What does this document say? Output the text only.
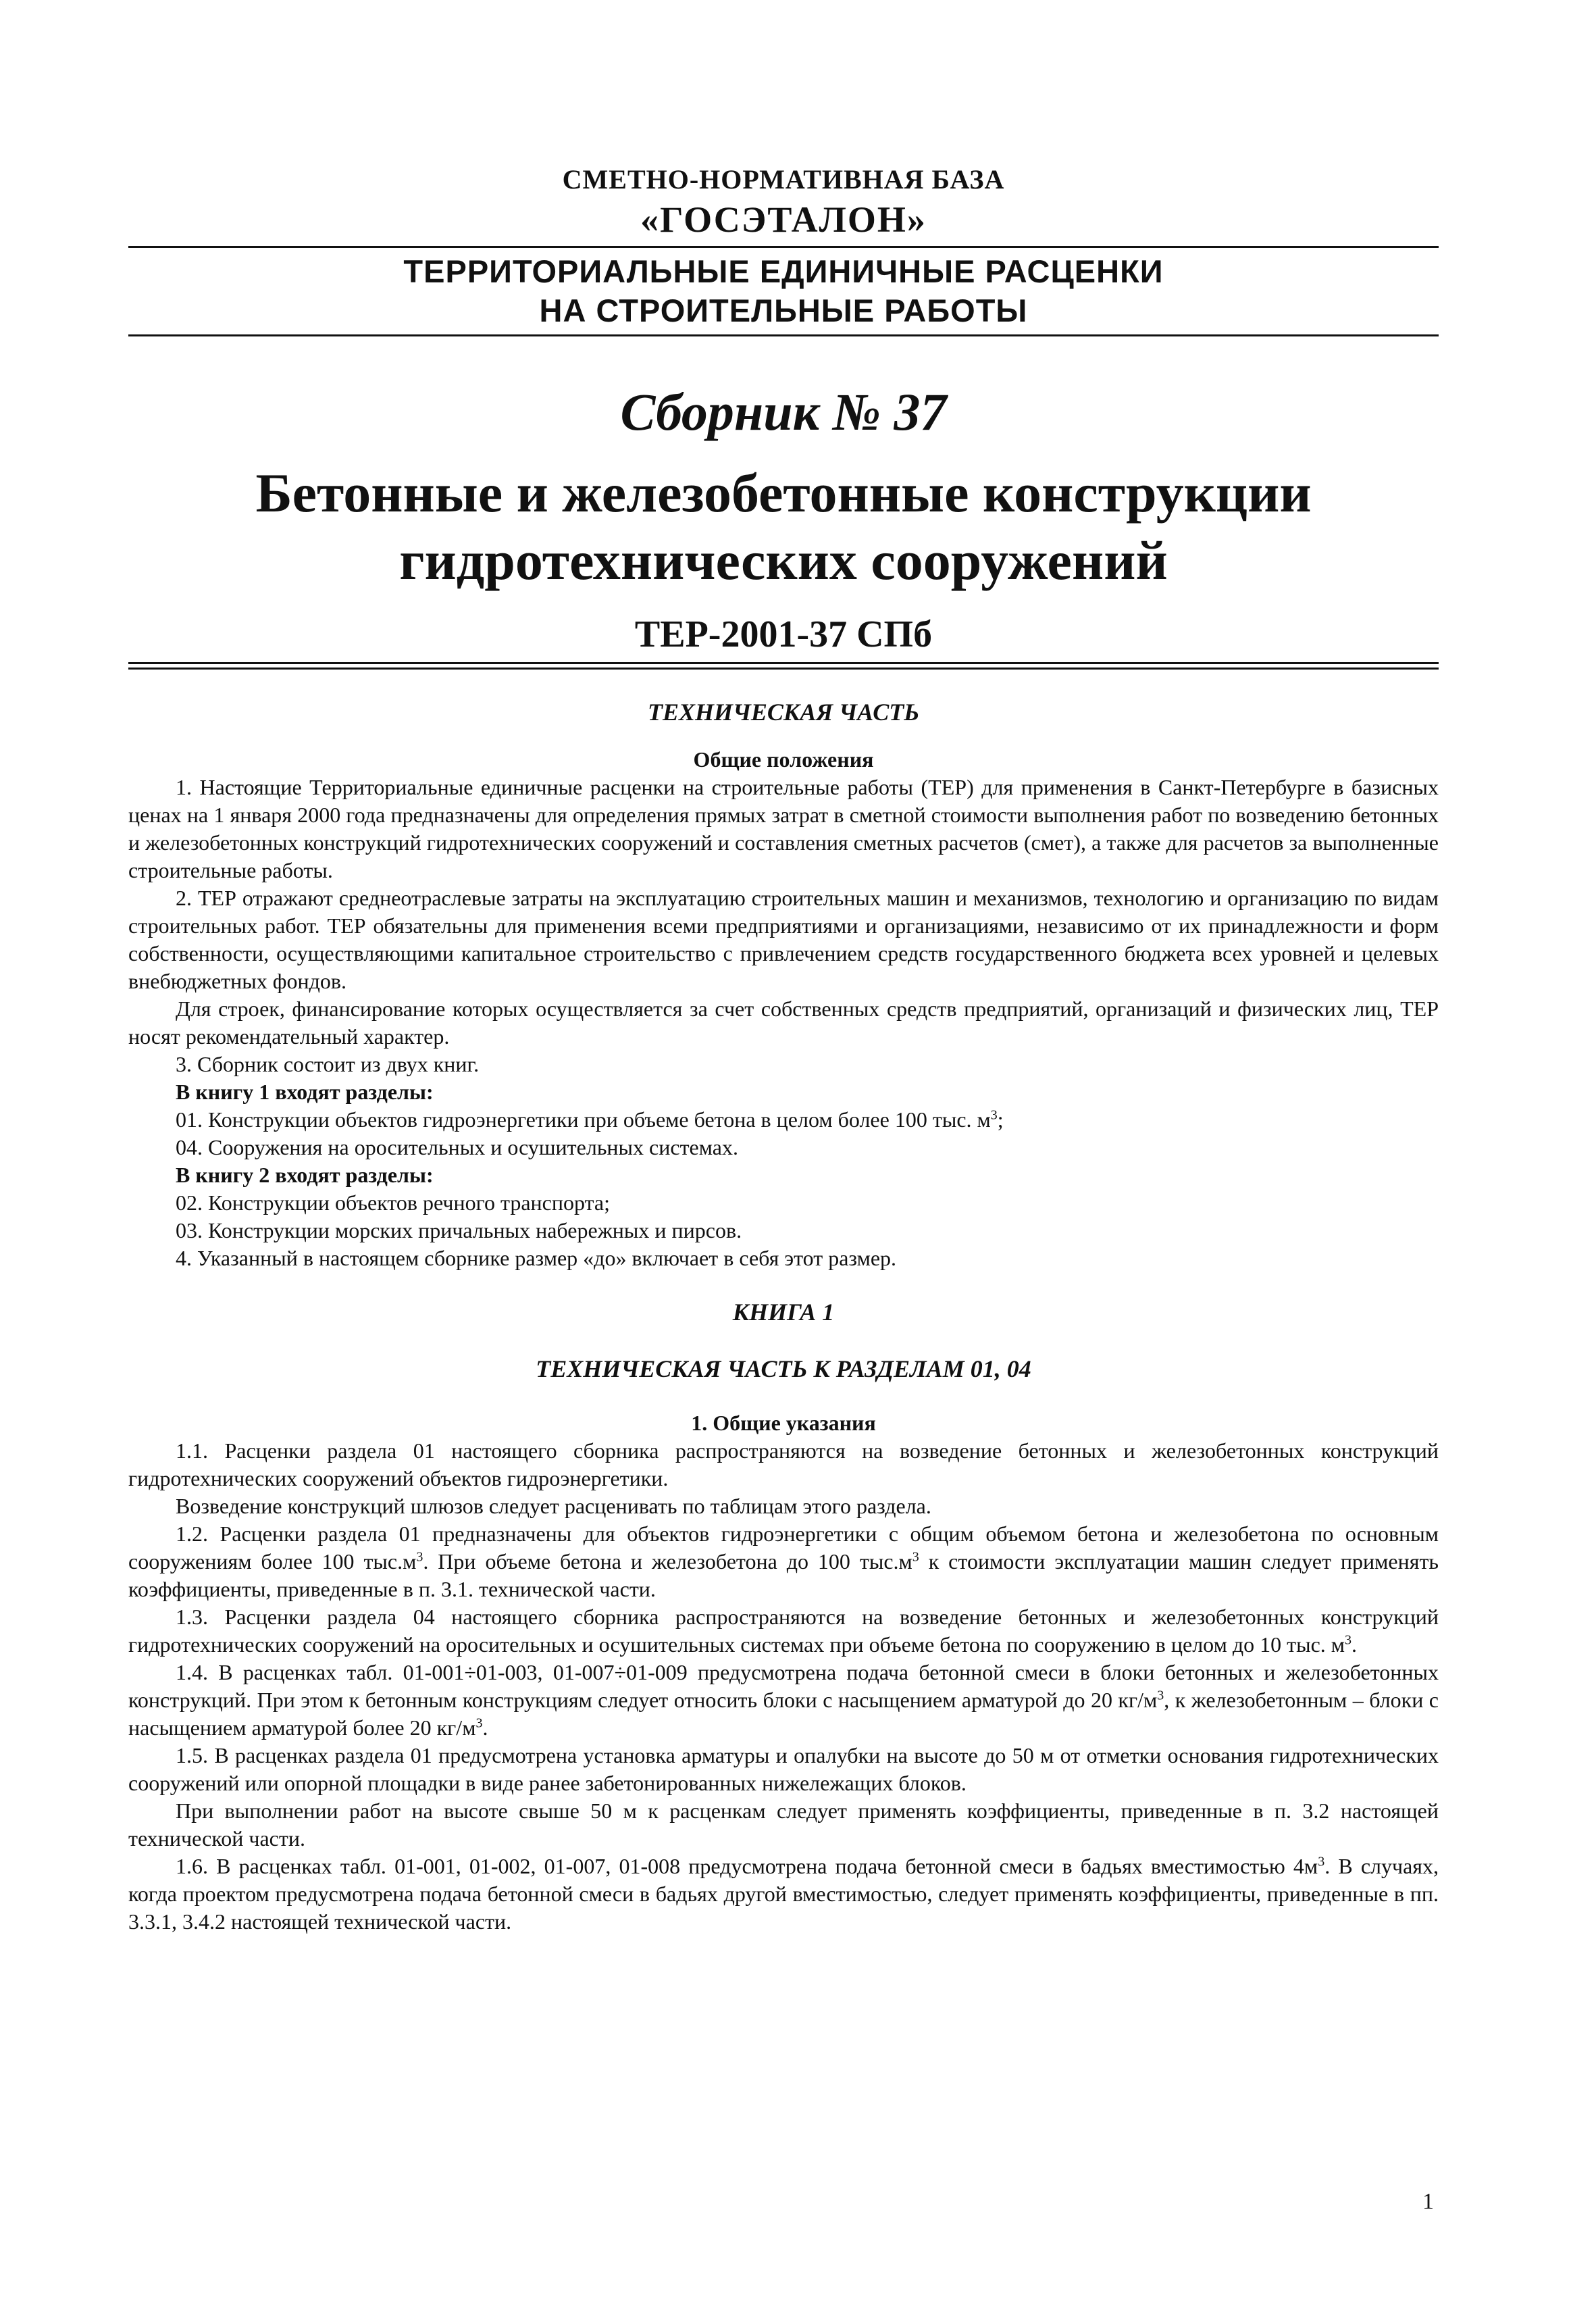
СМЕТНО-НОРМАТИВНАЯ БАЗА
«ГОСЭТАЛОН»
ТЕРРИТОРИАЛЬНЫЕ ЕДИНИЧНЫЕ РАСЦЕНКИ
НА СТРОИТЕЛЬНЫЕ РАБОТЫ
Сборник № 37
Бетонные и железобетонные конструкции
гидротехнических сооружений
ТЕР-2001-37 СПб
ТЕХНИЧЕСКАЯ ЧАСТЬ
Общие положения

1. Настоящие Территориальные единичные расценки на строительные работы (ТЕР) для применения в Санкт-Петербурге в базисных ценах на 1 января 2000 года предназначены для определения прямых затрат в сметной стоимости выполнения работ по возведению бетонных и железобетонных конструкций гидротехнических сооружений и составления сметных расчетов (смет), а также для расчетов за выполненные строительные работы.

2. ТЕР отражают среднеотраслевые затраты на эксплуатацию строительных машин и механизмов, технологию и организацию по видам строительных работ. ТЕР обязательны для применения всеми предприятиями и организациями, независимо от их принадлежности и форм собственности, осуществляющими капитальное строительство с привлечением средств государственного бюджета всех уровней и целевых внебюджетных фондов.

Для строек, финансирование которых осуществляется за счет собственных средств предприятий, организаций и физических лиц, ТЕР носят рекомендательный характер.

3. Сборник состоит из двух книг.

В книгу 1 входят разделы:

01. Конструкции объектов гидроэнергетики при объеме бетона в целом более 100 тыс. $м^3$;

04. Сооружения на оросительных и осушительных системах.

В книгу 2 входят разделы:

02. Конструкции объектов речного транспорта;

03. Конструкции морских причальных набережных и пирсов.

4. Указанный в настоящем сборнике размер «до» включает в себя этот размер.

КНИГА 1
ТЕХНИЧЕСКАЯ ЧАСТЬ К РАЗДЕЛАМ 01, 04
1. Общие указания

1.1. Расценки раздела 01 настоящего сборника распространяются на возведение бетонных и железобетонных конструкций гидротехнических сооружений объектов гидроэнергетики.

Возведение конструкций шлюзов следует расценивать по таблицам этого раздела.

1.2. Расценки раздела 01 предназначены для объектов гидроэнергетики с общим объемом бетона и железобетона по основным сооружениям более 100 $тыс.м^3$. При объеме бетона и железобетона до 100 $тыс.м^3$ к стоимости эксплуатации машин следует применять коэффициенты, приведенные в п. 3.1. технической части.

1.3. Расценки раздела 04 настоящего сборника распространяются на возведение бетонных и железобетонных конструкций гидротехнических сооружений на оросительных и осушительных системах при объеме бетона по сооружению в целом до 10 тыс. $м^3$.

1.4. В расценках табл. 01-001÷01-003, 01-007÷01-009 предусмотрена подача бетонной смеси в блоки бетонных и железобетонных конструкций. При этом к бетонным конструкциям следует относить блоки с насыщением арматурой до 20 $кг/м^3$, к железобетонным – блоки с насыщением арматурой более 20 $кг/м^3$.

1.5. В расценках раздела 01 предусмотрена установка арматуры и опалубки на высоте до 50 м от отметки основания гидротехнических сооружений или опорной площадки в виде ранее забетонированных нижележащих блоков.

При выполнении работ на высоте свыше 50 м к расценкам следует применять коэффициенты, приведенные в п. 3.2 настоящей технической части.

1.6. В расценках табл. 01-001, 01-002, 01-007, 01-008 предусмотрена подача бетонной смеси в бадьях вместимостью $4м^3$. В случаях, когда проектом предусмотрена подача бетонной смеси в бадьях другой вместимостью, следует применять коэффициенты, приведенные в пп. 3.3.1, 3.4.2 настоящей технической части.

1
